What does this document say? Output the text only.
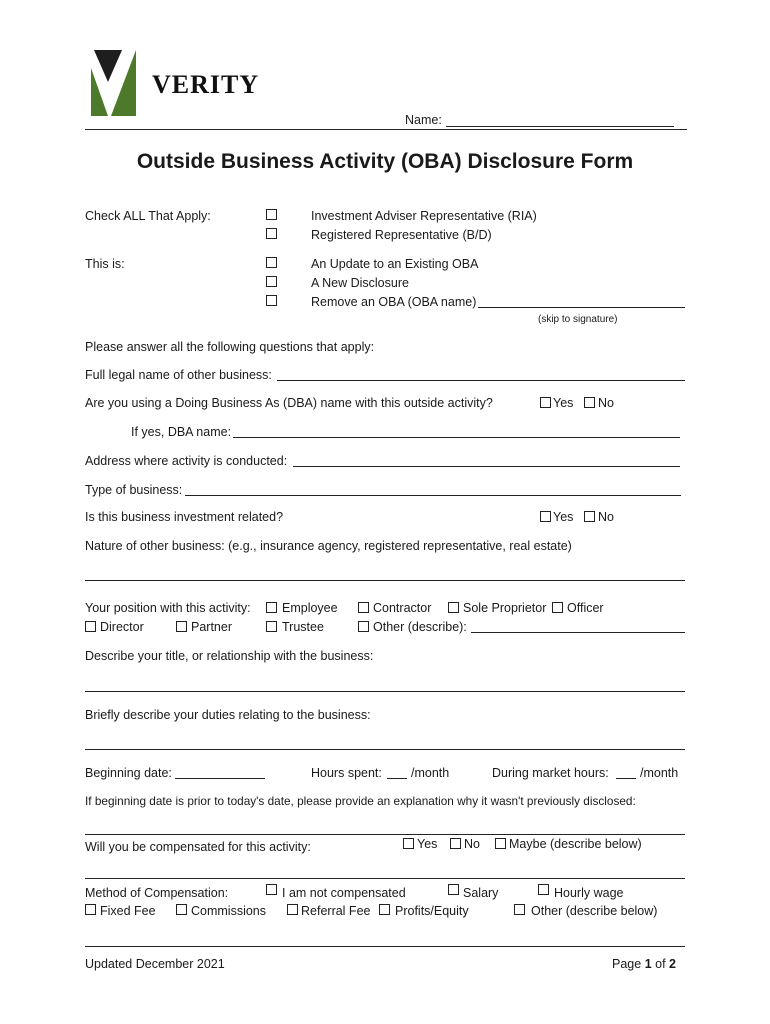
VERITY
Name:
Outside Business Activity (OBA) Disclosure Form
Check ALL That Apply:	Investment Adviser Representative (RIA)
Registered Representative (B/D)
This is:	An Update to an Existing OBA
A New Disclosure
Remove an OBA (OBA name)
(skip to signature)
Please answer all the following questions that apply:
Full legal name of other business:
Are you using a Doing Business As (DBA) name with this outside activity?	Yes No
If yes, DBA name:
Address where activity is conducted:
Type of business:
Is this business investment related?	Yes No
Nature of other business: (e.g., insurance agency, registered representative, real estate)
Your position with this activity:	Employee	Contractor	Sole Proprietor Officer
Director	Partner	Trustee	Other (describe):
Describe your title, or relationship with the business:
Briefly describe your duties relating to the business:
Beginning date:	Hours spent: /month	During market hours:	/month
If beginning date is prior to today's date, please provide an explanation why it wasn't previously disclosed:
Will you be compensated for this activity:	Yes No Maybe (describe below)
Method of Compensation:	I am not compensated	Salary	Hourly wage
Fixed Fee	Commissions	Referral Fee Profits/Equity	Other (describe below)
Updated December 2021	Page 1 of 2
